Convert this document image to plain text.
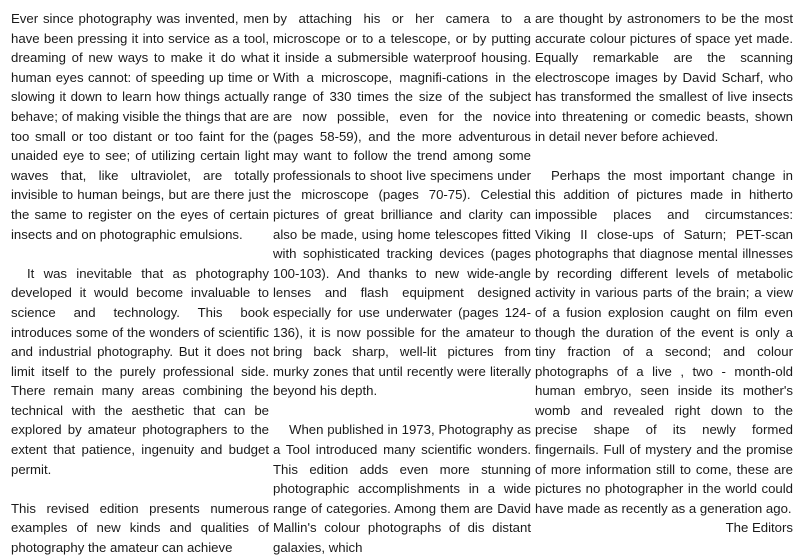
Ever since photography was invented, men have been pressing it into service as a tool, dreaming of new ways to make it do what human eyes cannot: of speeding up time or slowing it down to learn how things actually behave; of making visible the things that are too small or too distant or too faint for the unaided eye to see; of utilizing certain light waves that, like ultraviolet, are totally invisible to human beings, but are there just the same to register on the eyes of certain insects and on photographic emulsions.

It was inevitable that as photography developed it would become invaluable to science and technology. This book introduces some of the wonders of scientific and industrial photography. But it does not limit itself to the purely professional side. There remain many areas combining the technical with the aesthetic that can be explored by amateur photographers to the extent that patience, ingenuity and budget permit.

This revised edition presents numerous examples of new kinds and qualities of photography the amateur can achieve

by attaching his or her camera to a microscope or to a telescope, or by putting it inside a submersible waterproof housing. With a microscope, magnifi-cations in the range of 330 times the size of the subject are now possible, even for the novice (pages 58-59), and the more adventurous may want to follow the trend among some professionals to shoot live specimens under the microscope (pages 70-75). Celestial pictures of great brilliance and clarity can also be made, using home telescopes fitted with sophisticated tracking devices (pages 100-103). And thanks to new wide-angle lenses and flash equipment designed especially for use underwater (pages 124-136), it is now possible for the amateur to bring back sharp, well-lit pictures from murky zones that until recently were literally beyond his depth.

When published in 1973, Photography as a Tool introduced many scientific wonders. This edition adds even more stunning photographic accomplishments in a wide range of categories. Among them are David Mallin's colour photographs of dis distant galaxies, which

are thought by astronomers to be the most accurate colour pictures of space yet made. Equally remarkable are the scanning electroscope images by David Scharf, who has transformed the smallest of live insects into threatening or comedic beasts, shown in detail never before achieved.

Perhaps the most important change in this addition of pictures made in hitherto impossible places and circumstances: Viking II close-ups of Saturn; PET-scan photographs that diagnose mental illnesses by recording different levels of metabolic activity in various parts of the brain; a view of a fusion explosion caught on film even though the duration of the event is only a tiny fraction of a second; and colour photographs of a live , two - month-old human embryo, seen inside its mother's womb and revealed right down to the precise shape of its newly formed fingernails. Full of mystery and the promise of more information still to come, these are pictures no photographer in the world could have made as recently as a generation ago.

The Editors
